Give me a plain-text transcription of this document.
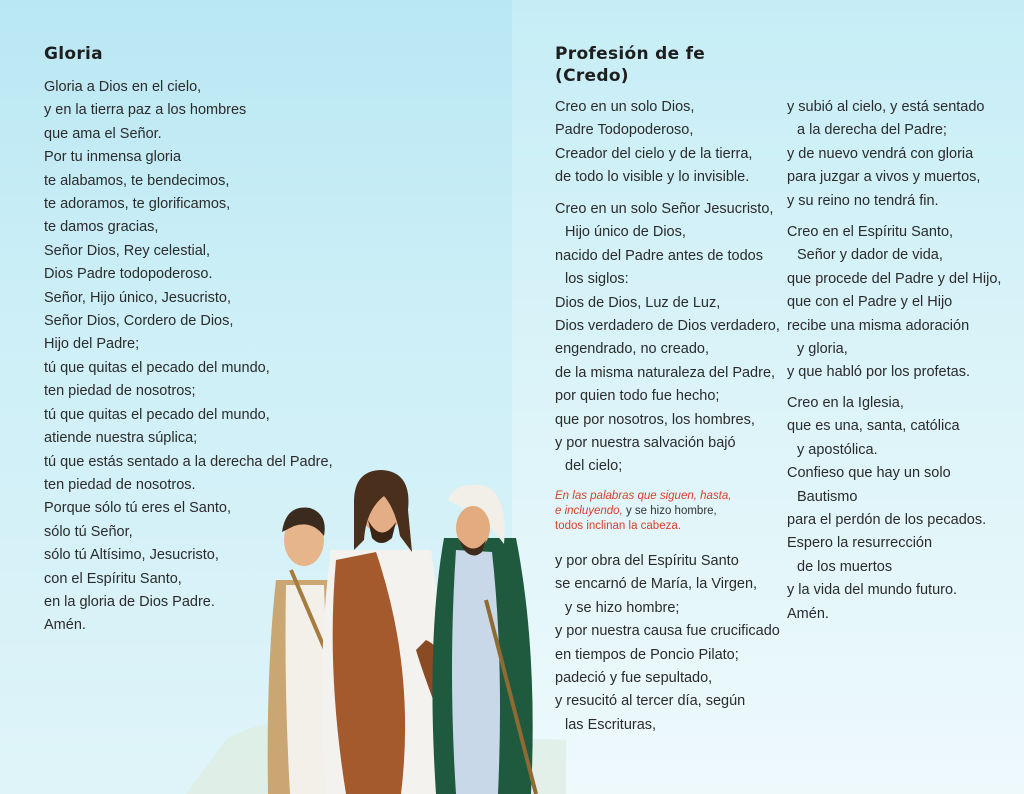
Gloria
Gloria a Dios en el cielo,
y en la tierra paz a los hombres
que ama el Señor.
Por tu inmensa gloria
te alabamos, te bendecimos,
te adoramos, te glorificamos,
te damos gracias,
Señor Dios, Rey celestial,
Dios Padre todopoderoso.
Señor, Hijo único, Jesucristo,
Señor Dios, Cordero de Dios,
Hijo del Padre;
tú que quitas el pecado del mundo,
ten piedad de nosotros;
tú que quitas el pecado del mundo,
atiende nuestra súplica;
tú que estás sentado a la derecha del Padre,
ten piedad de nosotros.
Porque sólo tú eres el Santo,
sólo tú Señor,
sólo tú Altísimo, Jesucristo,
con el Espíritu Santo,
en la gloria de Dios Padre.
Amén.
Profesión de fe
(Credo)
Creo en un solo Dios,
Padre Todopoderoso,
Creador del cielo y de la tierra,
de todo lo visible y lo invisible.
Creo en un solo Señor Jesucristo,
Hijo único de Dios,
nacido del Padre antes de todos
los siglos:
Dios de Dios, Luz de Luz,
Dios verdadero de Dios verdadero,
engendrado, no creado,
de la misma naturaleza del Padre,
por quien todo fue hecho;
que por nosotros, los hombres,
y por nuestra salvación bajó
del cielo;
En las palabras que siguen, hasta,
e incluyendo, y se hizo hombre,
todos inclinan la cabeza.
y por obra del Espíritu Santo
se encarnó de María, la Virgen,
y se hizo hombre;
y por nuestra causa fue crucificado
en tiempos de Poncio Pilato;
padeció y fue sepultado,
y resucitó al tercer día, según
las Escrituras,
y subió al cielo, y está sentado
a la derecha del Padre;
y de nuevo vendrá con gloria
para juzgar a vivos y muertos,
y su reino no tendrá fin.
Creo en el Espíritu Santo,
Señor y dador de vida,
que procede del Padre y del Hijo,
que con el Padre y el Hijo
recibe una misma adoración
y gloria,
y que habló por los profetas.
Creo en la Iglesia,
que es una, santa, católica
y apostólica.
Confieso que hay un solo
Bautismo
para el perdón de los pecados.
Espero la resurrección
de los muertos
y la vida del mundo futuro.
Amén.
